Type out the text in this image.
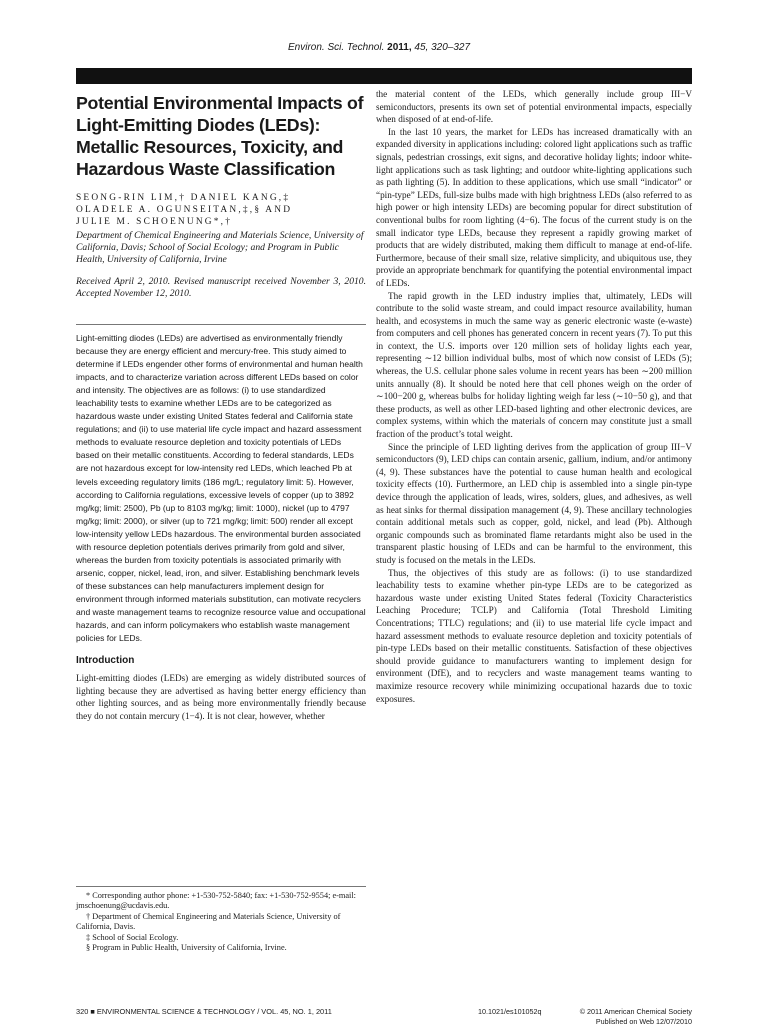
Environ. Sci. Technol. 2011, 45, 320–327
Potential Environmental Impacts of Light-Emitting Diodes (LEDs): Metallic Resources, Toxicity, and Hazardous Waste Classification
SEONG-RIN LIM,† DANIEL KANG,‡
OLADELE A. OGUNSEITAN,‡,§ AND
JULIE M. SCHOENUNG*,†
Department of Chemical Engineering and Materials Science, University of California, Davis; School of Social Ecology; and Program in Public Health, University of California, Irvine
Received April 2, 2010. Revised manuscript received November 3, 2010. Accepted November 12, 2010.

Light-emitting diodes (LEDs) are advertised as environmentally friendly because they are energy efficient and mercury-free. This study aimed to determine if LEDs engender other forms of environmental and human health impacts, and to characterize variation across different LEDs based on color and intensity. The objectives are as follows: (i) to use standardized leachability tests to examine whether LEDs are to be categorized as hazardous waste under existing United States federal and California state regulations; and (ii) to use material life cycle impact and hazard assessment methods to evaluate resource depletion and toxicity potentials of LEDs based on their metallic constituents. According to federal standards, LEDs are not hazardous except for low-intensity red LEDs, which leached Pb at levels exceeding regulatory limits (186 mg/L; regulatory limit: 5). However, according to California regulations, excessive levels of copper (up to 3892 mg/kg; limit: 2500), Pb (up to 8103 mg/kg; limit: 1000), nickel (up to 4797 mg/kg; limit: 2000), or silver (up to 721 mg/kg; limit: 500) render all except low-intensity yellow LEDs hazardous. The environmental burden associated with resource depletion potentials derives primarily from gold and silver, whereas the burden from toxicity potentials is associated primarily with arsenic, copper, nickel, lead, iron, and silver. Establishing benchmark levels of these substances can help manufacturers implement design for environment through informed materials substitution, can motivate recyclers and waste management teams to recognize resource value and occupational hazards, and can inform policymakers who establish waste management policies for LEDs.

Introduction

Light-emitting diodes (LEDs) are emerging as widely distributed sources of lighting because they are advertised as having better energy efficiency than other lighting sources, and as being more environmentally friendly because they do not contain mercury (1−4). It is not clear, however, whether

* Corresponding author phone: +1-530-752-5840; fax: +1-530-752-9554; e-mail: jmschoenung@ucdavis.edu.

† Department of Chemical Engineering and Materials Science, University of California, Davis.

‡ School of Social Ecology.

§ Program in Public Health, University of California, Irvine.

the material content of the LEDs, which generally include group III−V semiconductors, presents its own set of potential environmental impacts, especially when disposed of at end-of-life.

In the last 10 years, the market for LEDs has increased dramatically with an expanded diversity in applications including: colored light applications such as traffic signals, pedestrian crossings, exit signs, and decorative holiday lights; indoor white-light applications such as task lighting; and outdoor white-lighting applications such as path lighting (5). In addition to these applications, which use small “indicator” or “pin-type” LEDs, full-size bulbs made with high brightness LEDs (also referred to as high power or high intensity LEDs) are becoming popular for direct substitution of conventional bulbs for room lighting (4−6). The focus of the current study is on the small indicator type LEDs, because they represent a rapidly growing market of products that are widely distributed, making them difficult to manage at end-of-life. Furthermore, because of their small size, relative simplicity, and ubiquitous use, they provide an appropriate benchmark for quantifying the potential environmental impact of LEDs.

The rapid growth in the LED industry implies that, ultimately, LEDs will contribute to the solid waste stream, and could impact resource availability, human health, and ecosystems in much the same way as generic electronic waste (e-waste) from computers and cell phones has generated concern in recent years (7). To put this in context, the U.S. imports over 120 million sets of holiday lights each year, representing ∼12 billion individual bulbs, most of which now consist of LEDs (5); whereas, the U.S. cellular phone sales volume in recent years has been ∼200 million units annually (8). It should be noted here that cell phones weigh on the order of ∼100−200 g, whereas bulbs for holiday lighting weigh far less (∼10−50 g), and that these products, as well as other LED-based lighting and other electronic devices, are complex systems, within which the materials of concern may constitute just a small fraction of the product’s total weight.

Since the principle of LED lighting derives from the application of group III−V semiconductors (9), LED chips can contain arsenic, gallium, indium, and/or antimony (4, 9). These substances have the potential to cause human health and ecological toxicity effects (10). Furthermore, an LED chip is assembled into a single pin-type device through the application of leads, wires, solders, glues, and adhesives, as well as heat sinks for thermal dissipation management (4, 9). These ancillary technologies contain additional metals such as copper, gold, nickel, and lead (Pb). Although organic compounds such as brominated flame retardants might also be used in the transparent plastic housing of LEDs and can be harmful to the environment, this study is focused on the metals in the LEDs.

Thus, the objectives of this study are as follows: (i) to use standardized leachability tests to examine whether pin-type LEDs are to be categorized as hazardous waste under existing United States federal (Toxicity Characteristics Leaching Procedure; TCLP) and California (Total Threshold Limiting Concentrations; TTLC) regulations; and (ii) to use material life cycle impact and hazard assessment methods to evaluate resource depletion and toxicity potentials of pin-type LEDs based on their metallic constituents. Satisfaction of these objectives should provide guidance to manufacturers wanting to implement design for environment (DfE), and to recyclers and waste management teams wanting to maximize resource recovery while minimizing occupational hazards due to toxic exposures.

320 ■ ENVIRONMENTAL SCIENCE & TECHNOLOGY / VOL. 45, NO. 1, 2011	10.1021/es101052q	© 2011 American Chemical Society
Published on Web 12/07/2010
